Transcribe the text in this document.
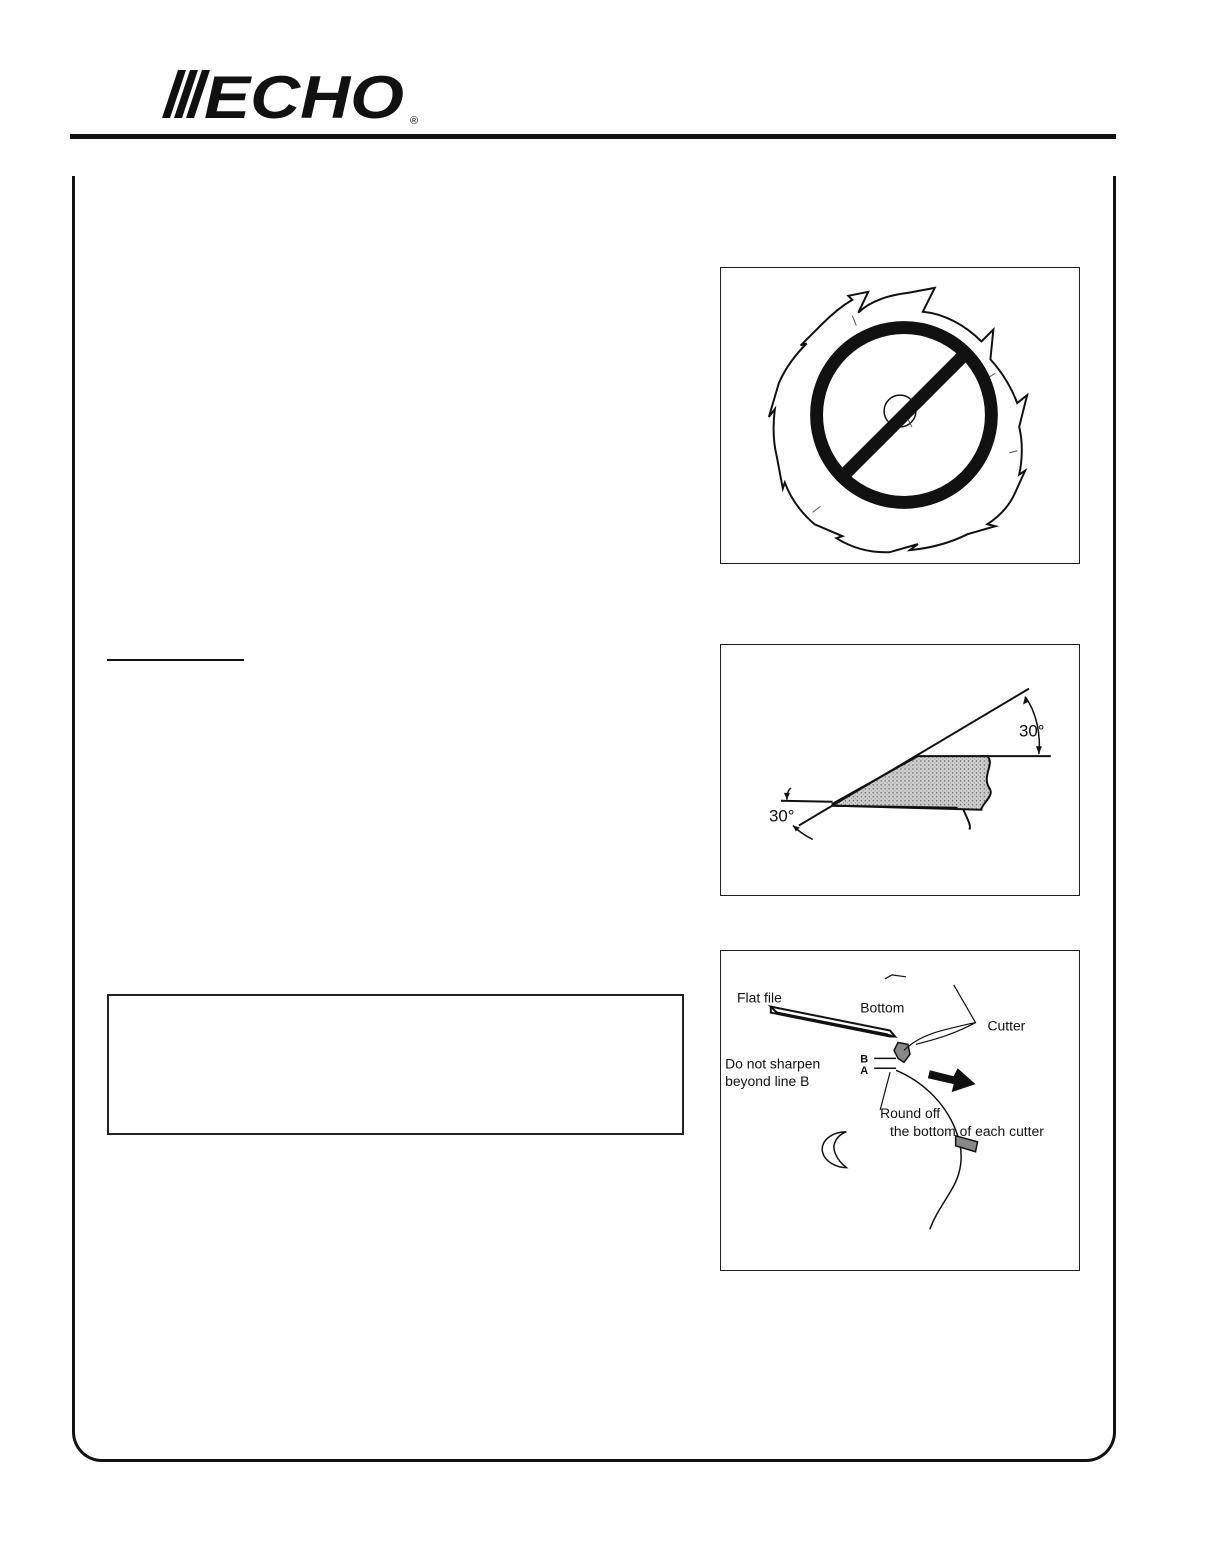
ECHO ®
30°
30°
Flat file
Bottom
Cutter
Do not sharpen
beyond line B
B
A
Round off
the bottom of each cutter
